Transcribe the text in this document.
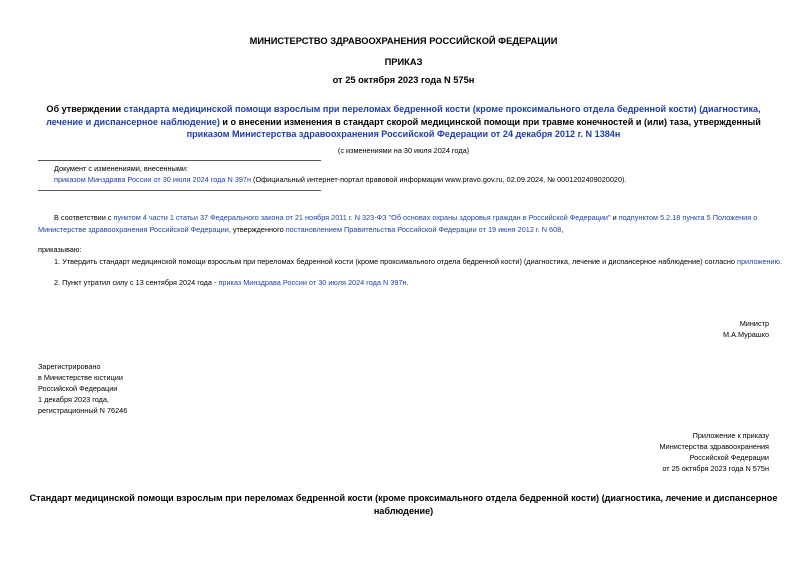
МИНИСТЕРСТВО ЗДРАВООХРАНЕНИЯ РОССИЙСКОЙ ФЕДЕРАЦИИ
ПРИКАЗ
от 25 октября 2023 года N 575н
Об утверждении стандарта медицинской помощи взрослым при переломах бедренной кости (кроме проксимального отдела бедренной кости) (диагностика,
лечение и диспансерное наблюдение) и о внесении изменения в стандарт скорой медицинской помощи при травме конечностей и (или) таза, утвержденный
приказом Министерства здравоохранения Российской Федерации от 24 декабря 2012 г. N 1384н
(с изменениями на 30 июля 2024 года)
Документ с изменениями, внесенными:
приказом Минздрава России от 30 июля 2024 года N 397н (Официальный интернет-портал правовой информации www.pravo.gov.ru, 02.09.2024, № 0001202409020020).
В соответствии с пунктом 4 части 1 статьи 37 Федерального закона от 21 ноября 2011 г. N 323-ФЗ "Об основах охраны здоровья граждан в Российской Федерации" и подпунктом 5.2.18 пункта 5 Положения о
Министерстве здравоохранения Российской Федерации, утвержденного постановлением Правительства Российской Федерации от 19 июня 2012 г. N 608,
приказываю:
1. Утвердить стандарт медицинской помощи взрослым при переломах бедренной кости (кроме проксимального отдела бедренной кости) (диагностика, лечение и диспансерное наблюдение) согласно приложению.
2. Пункт утратил силу с 13 сентября 2024 года - приказ Минздрава России от 30 июля 2024 года N 397н.
Министр
М.А.Мурашко
Зарегистрировано
в Министерстве юстиции
Российской Федерации
1 декабря 2023 года,
регистрационный N 76246
Приложение к приказу
Министерства здравоохранения
Российской Федерации
от 25 октября 2023 года N 575н
Стандарт медицинской помощи взрослым при переломах бедренной кости (кроме проксимального отдела бедренной кости) (диагностика, лечение и диспансерное
наблюдение)
